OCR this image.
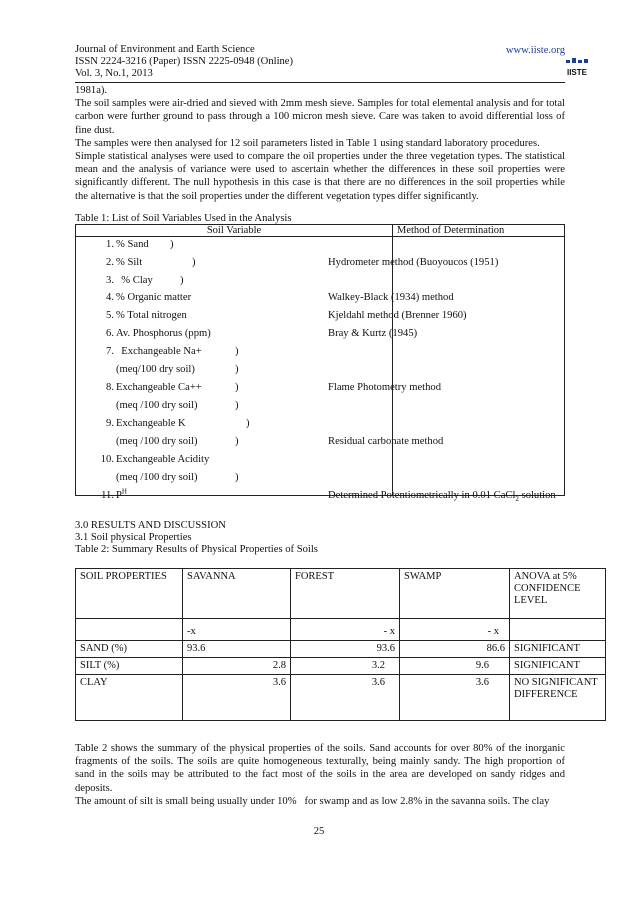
Journal of Environment and Earth Science
ISSN 2224-3216 (Paper) ISSN 2225-0948 (Online)
Vol. 3, No.1, 2013
www.iiste.org
IISTE

1981a).

The soil samples were air-dried and sieved with 2mm mesh sieve. Samples for total elemental analysis and for total carbon were further ground to pass through a 100 micron mesh sieve. Care was taken to avoid differential loss of fine dust.

The samples were then analysed for 12 soil parameters listed in Table 1 using standard laboratory procedures.

Simple statistical analyses were used to compare the oil properties under the three vegetation types. The statistical mean and the analysis of variance were used to ascertain whether the differences in these soil properties were significantly different. The null hypothesis in this case is that there are no differences in the soil properties while the alternative is that the soil properties under the different vegetation types differ significantly.

Table 1: List of Soil Variables Used in the Analysis
Soil Variable	Method of Determination
1. % Sand )
2. % Silt	)	Hydrometer method (Buoyoucos (1951)
3. % Clay	)
4. % Organic matter	Walkey-Black (1934) method
5. % Total nitrogen	Kjeldahl method (Brenner 1960)
6. Av. Phosphorus (ppm)	Bray & Kurtz (1945)
7. Exchangeable Na+	)
(meq/100 dry soil)	)
8. Exchangeable Ca++	)	Flame Photometry method
(meq /100 dry soil)	)
9. Exchangeable K	)
(meq /100 dry soil)	)	Residual carbonate method
10. Exchangeable Acidity
(meq /100 dry soil)	)
11. $P^H$	Determined Potentiometrically in 0.01 CaCl$_2$ solution
3.0 RESULTS AND DISCUSSION
3.1 Soil physical Properties
Table 2: Summary Results of Physical Properties of Soils
SOIL PROPERTIES	SAVANNA	FOREST	SWAMP	ANOVA at 5% CONFIDENCE LEVEL
	-x	- x	- x	
SAND (%)	93.6	93.6	86.6	SIGNIFICANT
SILT (%)	2.8	3.2	9.6	SIGNIFICANT
CLAY	3.6	3.6	3.6	NO SIGNIFICANT DIFFERENCE

Table 2 shows the summary of the physical properties of the soils. Sand accounts for over 80% of the inorganic fragments of the soils. The soils are quite homogeneous texturally, being mainly sandy. The high proportion of sand in the soils may be attributed to the fact most of the soils in the area are developed on sandy ridges and deposits.

The amount of silt is small being usually under 10%   for swamp and as low 2.8% in the savanna soils. The clay

25
